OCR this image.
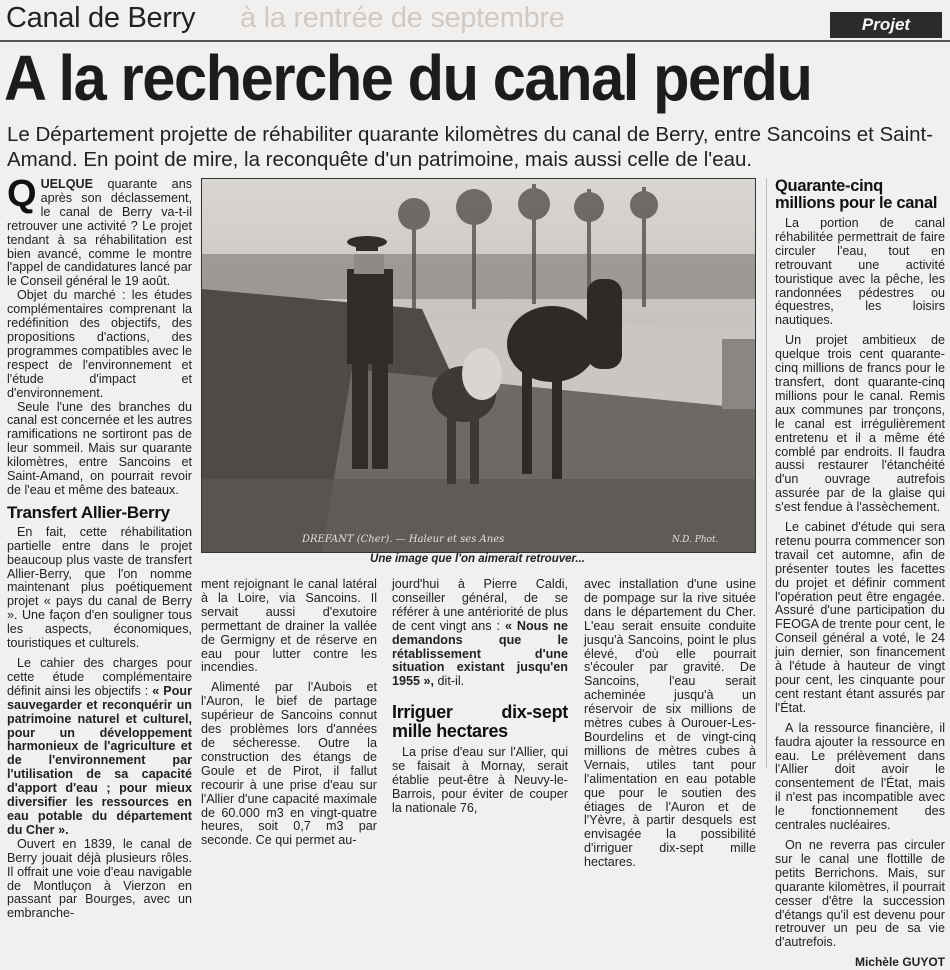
Canal de Berry à la rentrée de septembre	Projet
A la recherche du canal perdu
Le Département projette de réhabiliter quarante kilomètres du canal de Berry, entre Sancoins et Saint-Amand. En point de mire, la reconquête d'un patrimoine, mais aussi celle de l'eau.

QUELQUE quarante ans après son déclassement, le canal de Berry va-t-il retrouver une activité ? Le projet tendant à sa réhabilitation est bien avancé, comme le montre l'appel de candidatures lancé par le Conseil général le 19 août.

Objet du marché : les études complémentaires comprenant la redéfinition des objectifs, des propositions d'actions, des programmes compatibles avec le respect de l'environnement et l'étude d'impact et d'environnement.

Seule l'une des branches du canal est concernée et les autres ramifications ne sortiront pas de leur sommeil. Mais sur quarante kilomètres, entre Sancoins et Saint-Amand, on pourrait revoir de l'eau et même des bateaux.

Transfert Allier-Berry

En fait, cette réhabilitation partielle entre dans le projet beaucoup plus vaste de transfert Allier-Berry, que l'on nomme maintenant plus poétiquement projet « pays du canal de Berry ». Une façon d'en souligner tous les aspects, économiques, touristiques et culturels.

Le cahier des charges pour cette étude complémentaire définit ainsi les objectifs : « Pour sauvegarder et reconquérir un patrimoine naturel et culturel, pour un développement harmonieux de l'agriculture et de l'environnement par l'utilisation de sa capacité d'apport d'eau ; pour mieux diversifier les ressources en eau potable du département du Cher ».

Ouvert en 1839, le canal de Berry jouait déjà plusieurs rôles. Il offrait une voie d'eau navigable de Montluçon à Vierzon en passant par Bourges, avec un embranche-

DREFANT (Cher). — Haleur et ses Anes	N.D. Phot.
Une image que l'on aimerait retrouver...

ment rejoignant le canal latéral à la Loire, via Sancoins. Il servait aussi d'exutoire permettant de drainer la vallée de Germigny et de réserve en eau pour lutter contre les incendies.

Alimenté par l'Aubois et l'Auron, le bief de partage supérieur de Sancoins connut des problèmes lors d'années de sécheresse. Outre la construction des étangs de Goule et de Pirot, il fallut recourir à une prise d'eau sur l'Allier d'une capacité maximale de 60.000 m3 en vingt-quatre heures, soit 0,7 m3 par seconde. Ce qui permet au-

jourd'hui à Pierre Caldi, conseiller général, de se référer à une antériorité de plus de cent vingt ans : « Nous ne demandons que le rétablissement d'une situation existant jusqu'en 1955 », dit-il.

Irriguer dix-sept mille hectares

La prise d'eau sur l'Allier, qui se faisait à Mornay, serait établie peut-être à Neuvy-le-Barrois, pour éviter de couper la nationale 76,

avec installation d'une usine de pompage sur la rive située dans le département du Cher. L'eau serait ensuite conduite jusqu'à Sancoins, point le plus élevé, d'où elle pourrait s'écouler par gravité. De Sancoins, l'eau serait acheminée jusqu'à un réservoir de six millions de mètres cubes à Ourouer-Les-Bourdelins et de vingt-cinq millions de mètres cubes à Vernais, utiles tant pour l'alimentation en eau potable que pour le soutien des étiages de l'Auron et de l'Yèvre, à partir desquels est envisagée la possibilité d'irriguer dix-sept mille hectares.

Quarante-cinq millions pour le canal

La portion de canal réhabilitée permettrait de faire circuler l'eau, tout en retrouvant une activité touristique avec la pêche, les randonnées pédestres ou équestres, les loisirs nautiques.

Un projet ambitieux de quelque trois cent quarante-cinq millions de francs pour le transfert, dont quarante-cinq millions pour le canal. Remis aux communes par tronçons, le canal est irrégulièrement entretenu et il a même été comblé par endroits. Il faudra aussi restaurer l'étanchéité d'un ouvrage autrefois assurée par de la glaise qui s'est fendue à l'assèchement.

Le cabinet d'étude qui sera retenu pourra commencer son travail cet automne, afin de présenter toutes les facettes du projet et définir comment l'opération peut être engagée. Assuré d'une participation du FEOGA de trente pour cent, le Conseil général a voté, le 24 juin dernier, son financement à l'étude à hauteur de vingt pour cent, les cinquante pour cent restant étant assurés par l'État.

A la ressource financière, il faudra ajouter la ressource en eau. Le prélèvement dans l'Allier doit avoir le consentement de l'État, mais il n'est pas incompatible avec le fonctionnement des centrales nucléaires.

On ne reverra pas circuler sur le canal une flottille de petits Berrichons. Mais, sur quarante kilomètres, il pourrait cesser d'être la succession d'étangs qu'il est devenu pour retrouver un peu de sa vie d'autrefois.

Michèle GUYOT
